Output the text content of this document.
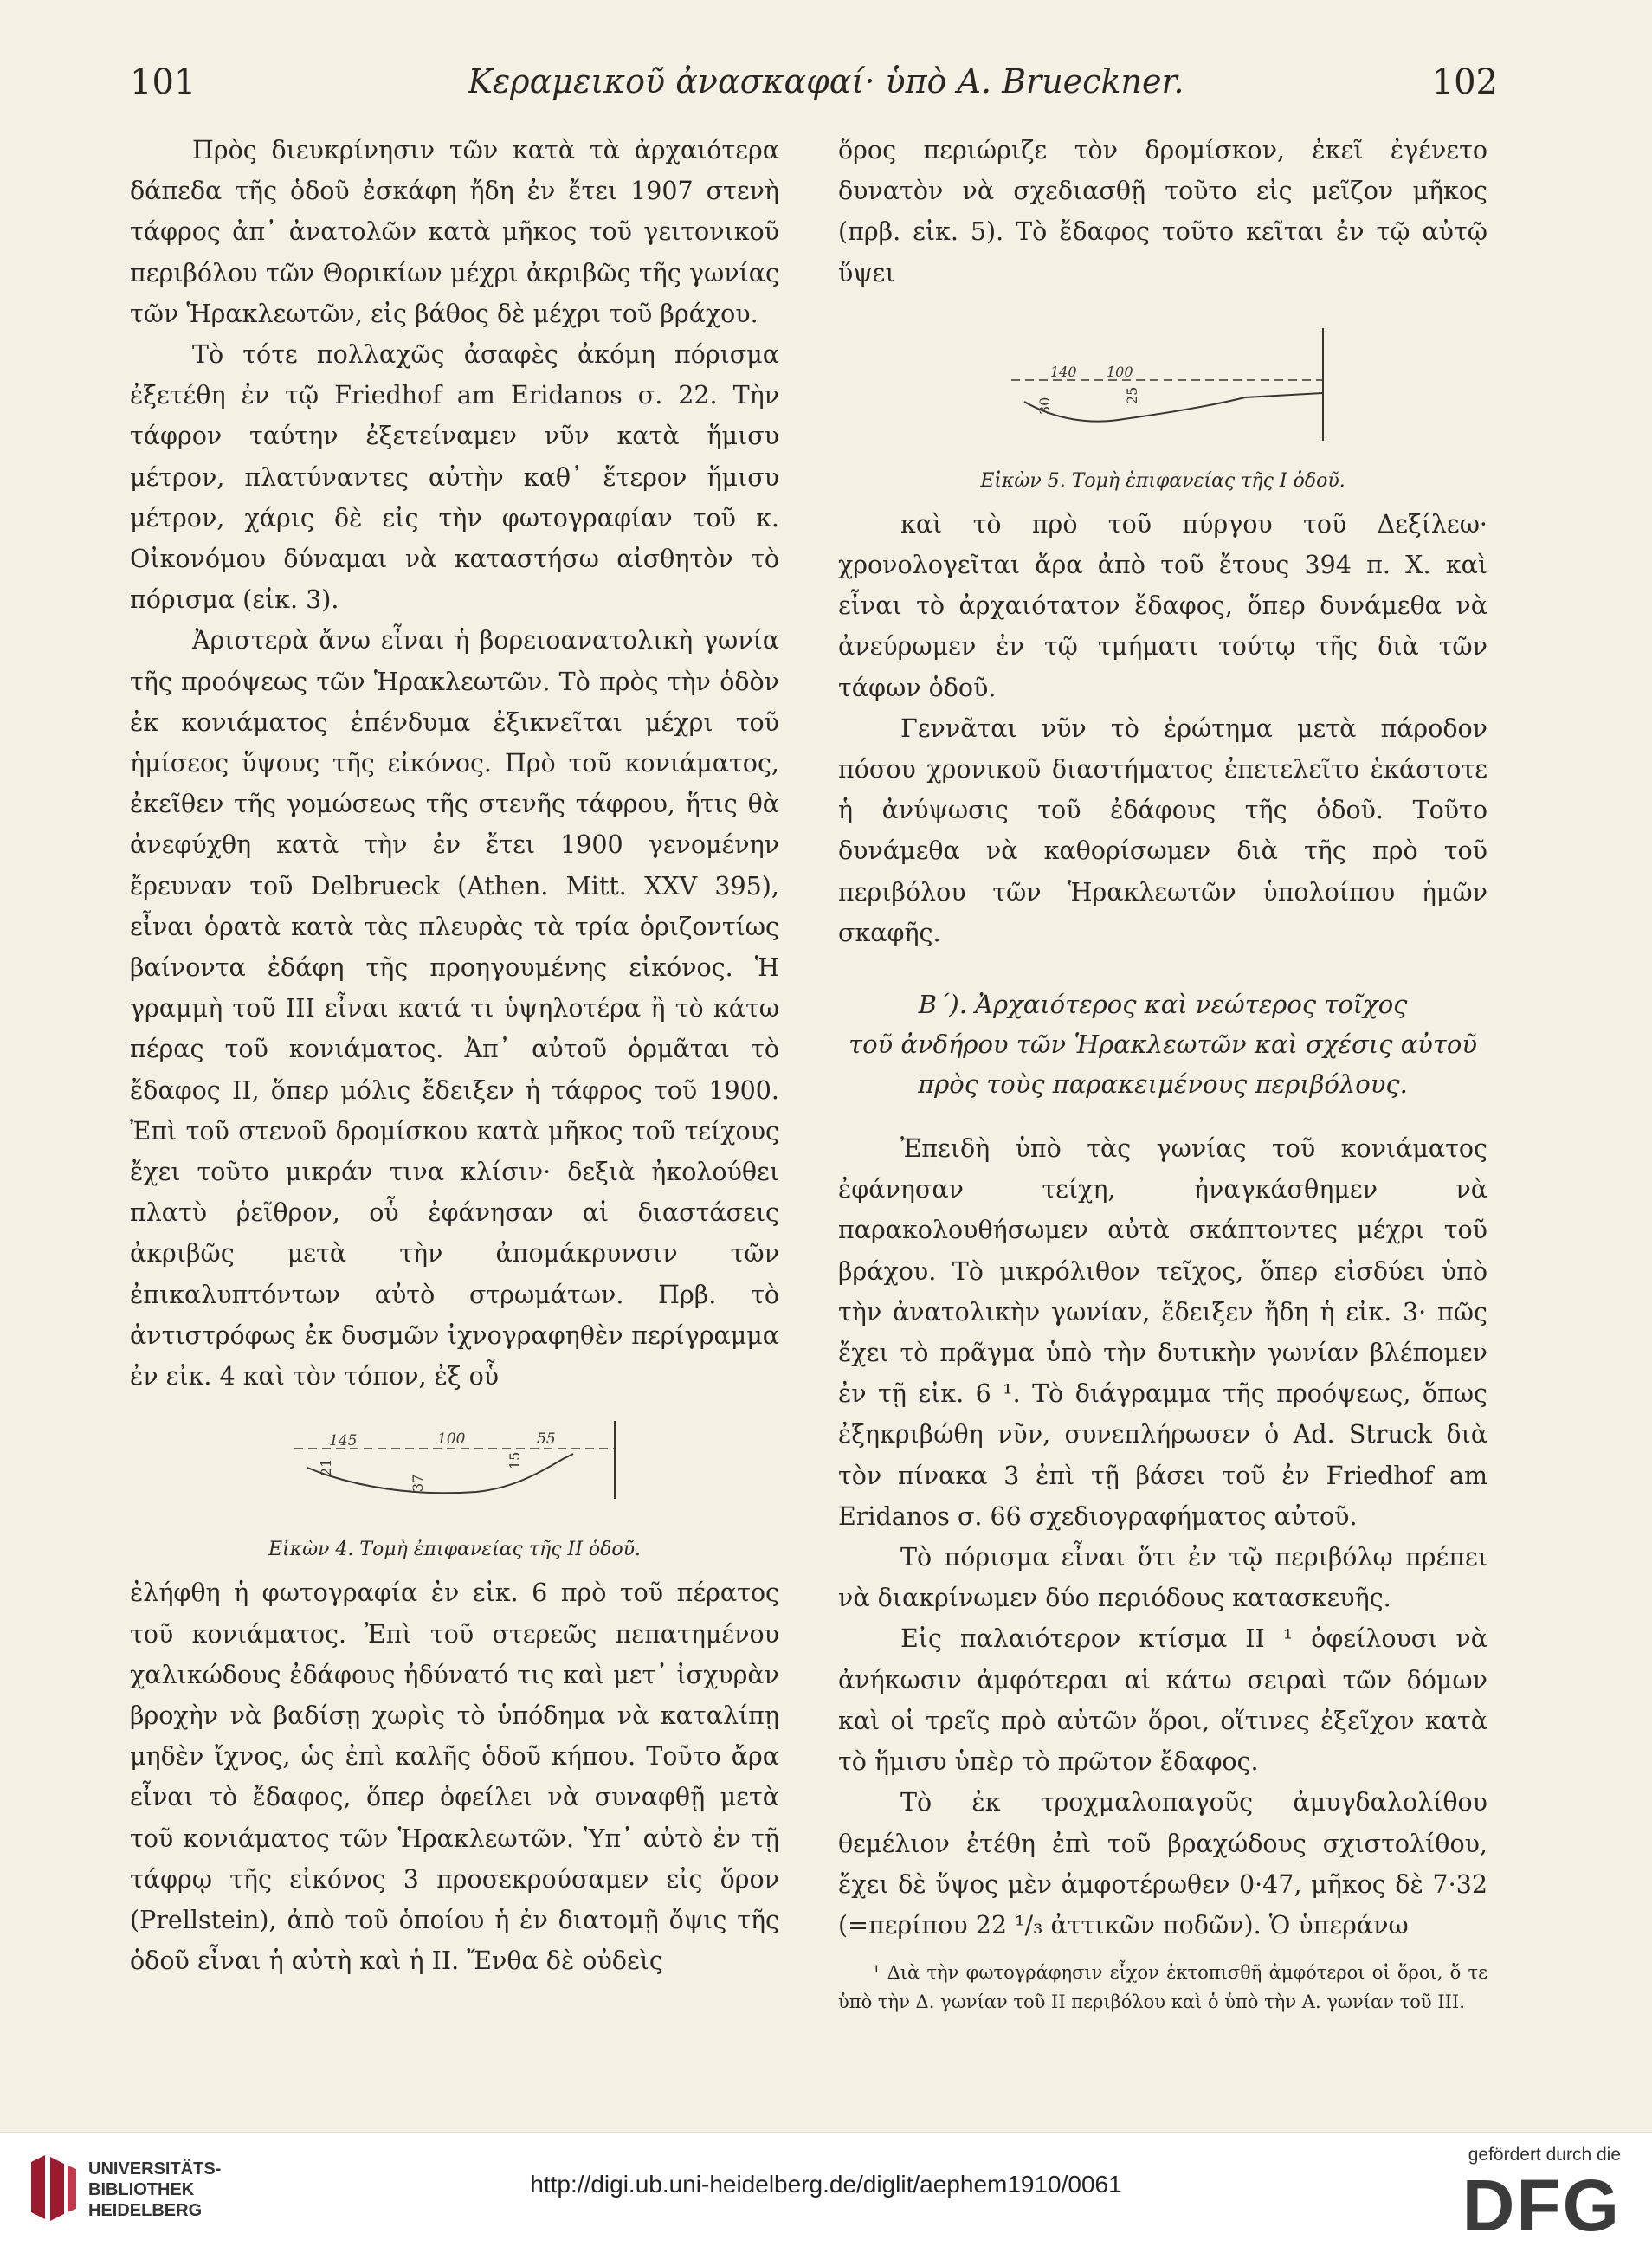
101	Κεραμεικοῦ ἀνασκαφαί· ὑπὸ Α. Brueckner.	102

Πρὸς διευκρίνησιν τῶν κατὰ τὰ ἀρχαιότερα δάπεδα τῆς ὁδοῦ ἐσκάφη ἤδη ἐν ἔτει 1907 στενὴ τάφρος ἀπ᾽ ἀνατολῶν κατὰ μῆκος τοῦ γειτονικοῦ περιβόλου τῶν Θορικίων μέχρι ἀκριβῶς τῆς γωνίας τῶν Ἡρακλεωτῶν, εἰς βάθος δὲ μέχρι τοῦ βράχου.

Τὸ τότε πολλαχῶς ἀσαφὲς ἀκόμη πόρισμα ἐξετέθη ἐν τῷ Friedhof am Eridanos σ. 22. Τὴν τάφρον ταύτην ἐξετείναμεν νῦν κατὰ ἥμισυ μέτρον, πλατύναντες αὐτὴν καθ᾽ ἕτερον ἥμισυ μέτρον, χάρις δὲ εἰς τὴν φωτογραφίαν τοῦ κ. Οἰκονόμου δύναμαι νὰ καταστήσω αἰσθητὸν τὸ πόρισμα (εἰκ. 3).

Ἀριστερὰ ἄνω εἶναι ἡ βορειοανατολικὴ γωνία τῆς προόψεως τῶν Ἡρακλεωτῶν. Τὸ πρὸς τὴν ὁδὸν ἐκ κονιάματος ἐπένδυμα ἐξικνεῖται μέχρι τοῦ ἡμίσεος ὕψους τῆς εἰκόνος. Πρὸ τοῦ κονιάματος, ἐκεῖθεν τῆς γομώσεως τῆς στενῆς τάφρου, ἥτις θὰ ἀνεφύχθη κατὰ τὴν ἐν ἔτει 1900 γενομένην ἔρευναν τοῦ Delbrueck (Athen. Mitt. XXV 395), εἶναι ὁρατὰ κατὰ τὰς πλευρὰς τὰ τρία ὁριζοντίως βαίνοντα ἐδάφη τῆς προηγουμένης εἰκόνος. Ἡ γραμμὴ τοῦ III εἶναι κατά τι ὑψηλοτέρα ἢ τὸ κάτω πέρας τοῦ κονιάματος. Ἀπ᾽ αὐτοῦ ὁρμᾶται τὸ ἔδαφος II, ὅπερ μόλις ἔδειξεν ἡ τάφρος τοῦ 1900. Ἐπὶ τοῦ στενοῦ δρομίσκου κατὰ μῆκος τοῦ τείχους ἔχει τοῦτο μικράν τινα κλίσιν· δεξιὰ ἠκολούθει πλατὺ ῥεῖθρον, οὗ ἐφάνησαν αἱ διαστάσεις ἀκριβῶς μετὰ τὴν ἀπομάκρυνσιν τῶν ἐπικαλυπτόντων αὐτὸ στρωμάτων. Πρβ. τὸ ἀντιστρόφως ἐκ δυσμῶν ἰχνογραφηθὲν περίγραμμα ἐν εἰκ. 4 καὶ τὸν τόπον, ἐξ οὗ

145	100	55
21
37
15
Εἰκὼν 4. Τομὴ ἐπιφανείας τῆς II ὁδοῦ.

ἐλήφθη ἡ φωτογραφία ἐν εἰκ. 6 πρὸ τοῦ πέρατος τοῦ κονιάματος. Ἐπὶ τοῦ στερεῶς πεπατημένου χαλικώδους ἐδάφους ἠδύνατό τις καὶ μετ᾽ ἰσχυρὰν βροχὴν νὰ βαδίσῃ χωρὶς τὸ ὑπόδημα νὰ καταλίπῃ μηδὲν ἴχνος, ὡς ἐπὶ καλῆς ὁδοῦ κήπου. Τοῦτο ἄρα εἶναι τὸ ἔδαφος, ὅπερ ὀφείλει νὰ συναφθῇ μετὰ τοῦ κονιάματος τῶν Ἡρακλεωτῶν. Ὑπ᾽ αὐτὸ ἐν τῇ τάφρῳ τῆς εἰκόνος 3 προσεκρούσαμεν εἰς ὅρον (Prellstein), ἀπὸ τοῦ ὁποίου ἡ ἐν διατομῇ ὄψις τῆς ὁδοῦ εἶναι ἡ αὐτὴ καὶ ἡ II. Ἔνθα δὲ οὐδεὶς

ὅρος περιώριζε τὸν δρομίσκον, ἐκεῖ ἐγένετο δυνατὸν νὰ σχεδιασθῇ τοῦτο εἰς μεῖζον μῆκος (πρβ. εἰκ. 5). Τὸ ἔδαφος τοῦτο κεῖται ἐν τῷ αὐτῷ ὕψει

140 100
30
25
Εἰκὼν 5. Τομὴ ἐπιφανείας τῆς I ὁδοῦ.

καὶ τὸ πρὸ τοῦ πύργου τοῦ Δεξίλεω· χρονολογεῖται ἄρα ἀπὸ τοῦ ἔτους 394 π. Χ. καὶ εἶναι τὸ ἀρχαιότατον ἔδαφος, ὅπερ δυνάμεθα νὰ ἀνεύρωμεν ἐν τῷ τμήματι τούτῳ τῆς διὰ τῶν τάφων ὁδοῦ.

Γεννᾶται νῦν τὸ ἐρώτημα μετὰ πάροδον πόσου χρονικοῦ διαστήματος ἐπετελεῖτο ἑκάστοτε ἡ ἀνύψωσις τοῦ ἐδάφους τῆς ὁδοῦ. Τοῦτο δυνάμεθα νὰ καθορίσωμεν διὰ τῆς πρὸ τοῦ περιβόλου τῶν Ἡρακλεωτῶν ὑπολοίπου ἡμῶν σκαφῆς.

Β΄). Ἀρχαιότερος καὶ νεώτερος τοῖχος
τοῦ ἀνδήρου τῶν Ἡρακλεωτῶν καὶ σχέσις αὐτοῦ
πρὸς τοὺς παρακειμένους περιβόλους.

Ἐπειδὴ ὑπὸ τὰς γωνίας τοῦ κονιάματος ἐφάνησαν τείχη, ἠναγκάσθημεν νὰ παρακολουθήσωμεν αὐτὰ σκάπτοντες μέχρι τοῦ βράχου. Τὸ μικρόλιθον τεῖχος, ὅπερ εἰσδύει ὑπὸ τὴν ἀνατολικὴν γωνίαν, ἔδειξεν ἤδη ἡ εἰκ. 3· πῶς ἔχει τὸ πρᾶγμα ὑπὸ τὴν δυτικὴν γωνίαν βλέπομεν ἐν τῇ εἰκ. 6 ¹. Τὸ διάγραμμα τῆς προόψεως, ὅπως ἐξηκριβώθη νῦν, συνεπλήρωσεν ὁ Ad. Struck διὰ τὸν πίνακα 3 ἐπὶ τῇ βάσει τοῦ ἐν Friedhof am Eridanos σ. 66 σχεδιογραφήματος αὐτοῦ.

Τὸ πόρισμα εἶναι ὅτι ἐν τῷ περιβόλῳ πρέπει νὰ διακρίνωμεν δύο περιόδους κατασκευῆς.

Εἰς παλαιότερον κτίσμα II ¹ ὀφείλουσι νὰ ἀνήκωσιν ἀμφότεραι αἱ κάτω σειραὶ τῶν δόμων καὶ οἱ τρεῖς πρὸ αὐτῶν ὅροι, οἵτινες ἐξεῖχον κατὰ τὸ ἥμισυ ὑπὲρ τὸ πρῶτον ἔδαφος.

Τὸ ἐκ τροχμαλοπαγοῦς ἀμυγδαλολίθου θεμέλιον ἐτέθη ἐπὶ τοῦ βραχώδους σχιστολίθου, ἔχει δὲ ὕψος μὲν ἀμφοτέρωθεν 0·47, μῆκος δὲ 7·32 (=περίπου 22 ¹/₃ ἀττικῶν ποδῶν). Ὁ ὑπεράνω

¹ Διὰ τὴν φωτογράφησιν εἶχον ἐκτοπισθῆ ἀμφότεροι οἱ ὅροι, ὅ τε ὑπὸ τὴν Δ. γωνίαν τοῦ II περιβόλου καὶ ὁ ὑπὸ τὴν Α. γωνίαν τοῦ III.

UNIVERSITÄTS-
BIBLIOTHEK
HEIDELBERG
http://digi.ub.uni-heidelberg.de/diglit/aephem1910/0061
gefördert durch die
DFG
